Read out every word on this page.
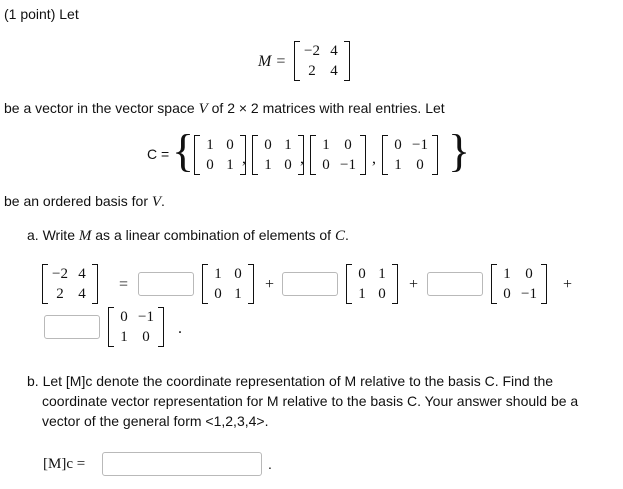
(1 point) Let
M =
−2	4
2	4
be a vector in the vector space V of 2 × 2 matrices with real entries. Let
C = { 1	0
0	1 ,
0	1
1	0 ,
1	0
0	−1 ,
0	−1
1	0 }
be an ordered basis for V.
a. Write M as a linear combination of elements of C.
−2	4
2	4
=
1	0
0	1
+
0	1
1	0
+
1	0
0	−1
+
0	−1
1	0 .
b. Let [M]c denote the coordinate representation of M relative to the basis C. Find the
coordinate vector representation for M relative to the basis C. Your answer should be a
vector of the general form <1,2,3,4>.
[M]c =	.
